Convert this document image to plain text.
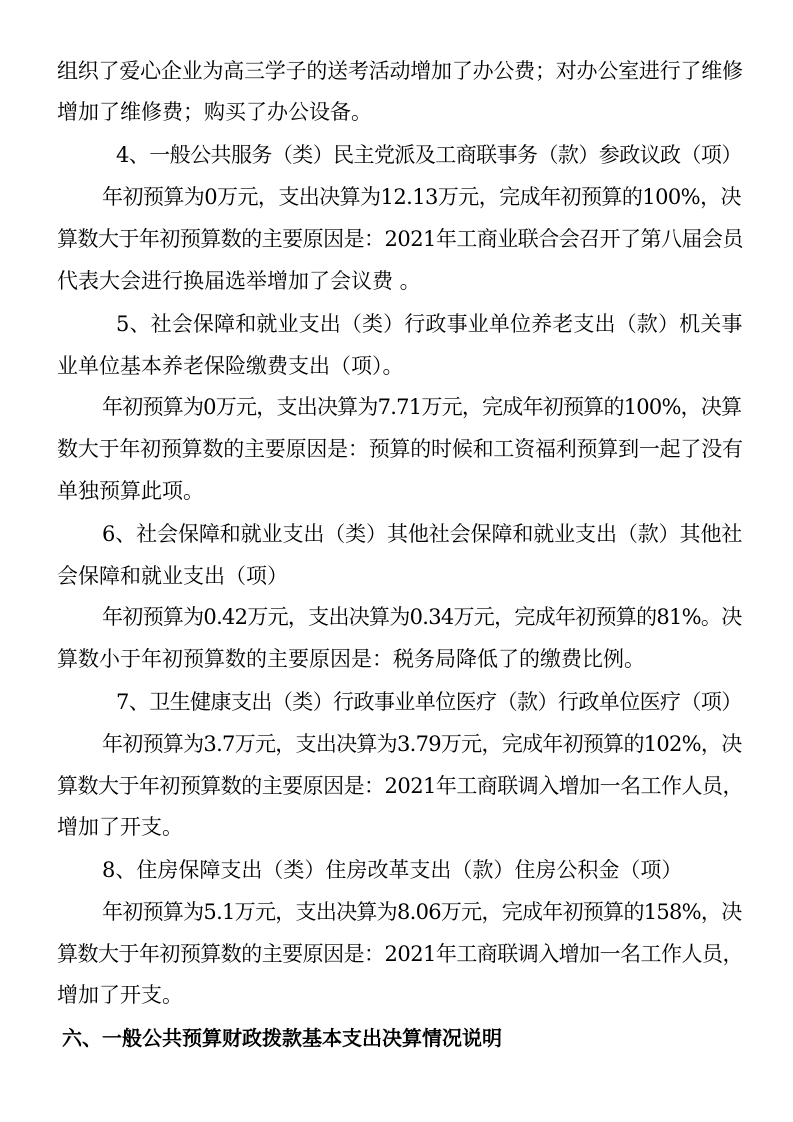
组织了爱心企业为高三学子的送考活动增加了办公费；对办公室进行了维修
增加了维修费；购买了办公设备。
4、一般公共服务（类）民主党派及工商联事务（款）参政议政（项）
年初预算为0万元，支出决算为12.13万元，完成年初预算的100%，决
算数大于年初预算数的主要原因是：2021年工商业联合会召开了第八届会员
代表大会进行换届选举增加了会议费 。
5、社会保障和就业支出（类）行政事业单位养老支出（款）机关事
业单位基本养老保险缴费支出（项）。
年初预算为0万元，支出决算为7.71万元，完成年初预算的100%，决算
数大于年初预算数的主要原因是：预算的时候和工资福利预算到一起了没有
单独预算此项。
6、社会保障和就业支出（类）其他社会保障和就业支出（款）其他社
会保障和就业支出（项）
年初预算为0.42万元，支出决算为0.34万元，完成年初预算的81%。决
算数小于年初预算数的主要原因是：税务局降低了的缴费比例。
7、卫生健康支出（类）行政事业单位医疗（款）行政单位医疗（项）
年初预算为3.7万元，支出决算为3.79万元，完成年初预算的102%，决
算数大于年初预算数的主要原因是：2021年工商联调入增加一名工作人员，
增加了开支。
8、住房保障支出（类）住房改革支出（款）住房公积金（项）
年初预算为5.1万元，支出决算为8.06万元，完成年初预算的158%，决
算数大于年初预算数的主要原因是：2021年工商联调入增加一名工作人员，
增加了开支。
六、一般公共预算财政拨款基本支出决算情况说明
